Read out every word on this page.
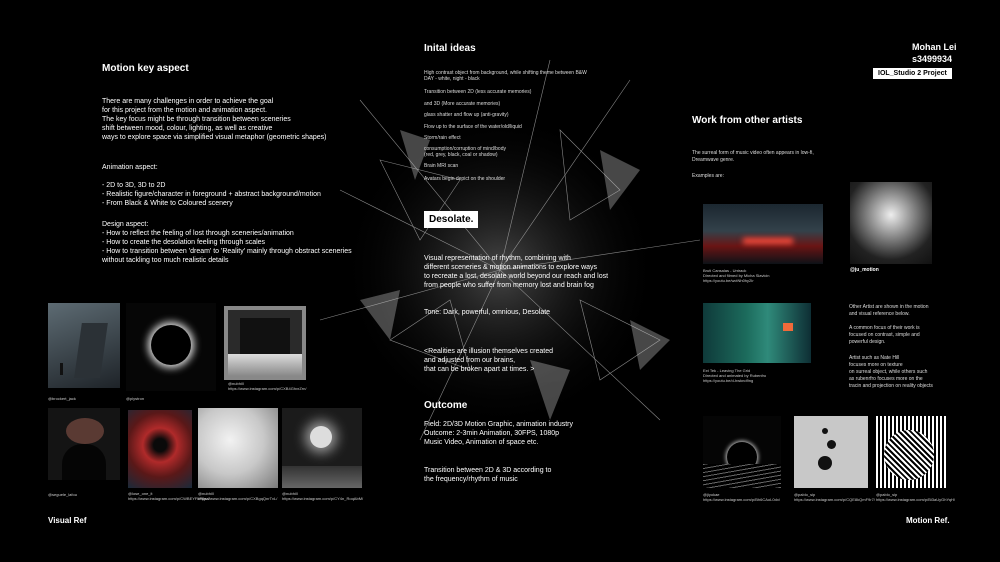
Mohan Lei
s3499934
IOL_Studio 2 Project
Motion key aspect
There are many challenges in order to achieve the goal
for this project from the motion and animation aspect.
The key focus might be through transition between sceneries
shift between mood, colour, lighting, as well as creative
ways to explore space via simplified visual metaphor (geometric shapes)
Animation aspect:

- 2D to 3D, 3D to 2D
- Realistic figure/character in foreground + abstract background/motion
- From Black & White to Coloured scenery
Design aspect:
- How to reflect the feeling of lost through sceneries/animation
- How to create the desolation feeling through scales
- How to transition between 'dream' to 'Reality' mainly through obstract sceneries
without tackling too much realistic details
@brockert_jack	@plystron
@nubhill
https://www.instagram.com/p/CXB4GhvrZrn/
@seguele_lafou	@lose_one_it
https://www.instagram.com/p/CWBEYFkF8pa/
@nubhill
https://www.instagram.com/p/CXBgqQnrTvL/
@nubhill
https://www.instagram.com/p/CY4n_RoqAbM/
Visual Ref
Inital ideas
High contrast object from background, while shifting theme between B&W
DAY - white, night - black
Transition between 2D (less accurate memories)
and 3D (More accurate memories)
glass shatter and flow up (anti-gravity)
Flow up to the surface of the water/old/liquid
Storm/rain effect
consumption/corruption of mind/body
(red, grey, black, coal or shadow)
Brain MRI scan
Avatars begin depict on the shoulder
Desolate.
Visual representation of rhythm, combining with
different sceneries & motion animations to explore ways
to recreate a lost, desolate world beyond our reach and lost
from people who suffer from memory lost and brain fog
Tone: Dark, powerful, omnious, Desolate
<Realities are illusion themselves created
and adjusted from our brains,
that can be broken apart at times. >
Outcome
Field: 2D/3D Motion Graphic, animation industry
Outcome: 2-3min Animation, 30FPS, 1080p
Music Video, Animation of space etc.
Transition between 2D & 3D according to
the frequency/rhythm of music
Work from other artists
The surreal form of music video often appears in low-fi,
Dreamwave genre.
Examples are:
Bruti Cansalas - Untrack
Directed and filmed by Micha Slavicin
https://youtu.be/wctNh0hy2Ir
@ju_motion
Ext Tek - Leaving The Grid
Directed and animated by Rubenfro
https://youtu.be/d-hwknd9ng
Other Artist are shown in the motion
and visual reference below.
A common focus of their work is
focused on contrast, simple and
powerful design.
Artist such as Nate Hill
focuses more on texture
on surreal object, while others such
as rubenrfro focuses more on the
tracin and projection on reality objects
@jiyokae
https://www.instagram.com/p/Bh6CAoL0dx/
@pablo_sip
https://www.instagram.com/p/CQE8kQmF9r7/
@pablo_sip
https://www.instagram.com/p/Bi3aUyGhYqH/
Motion Ref.
